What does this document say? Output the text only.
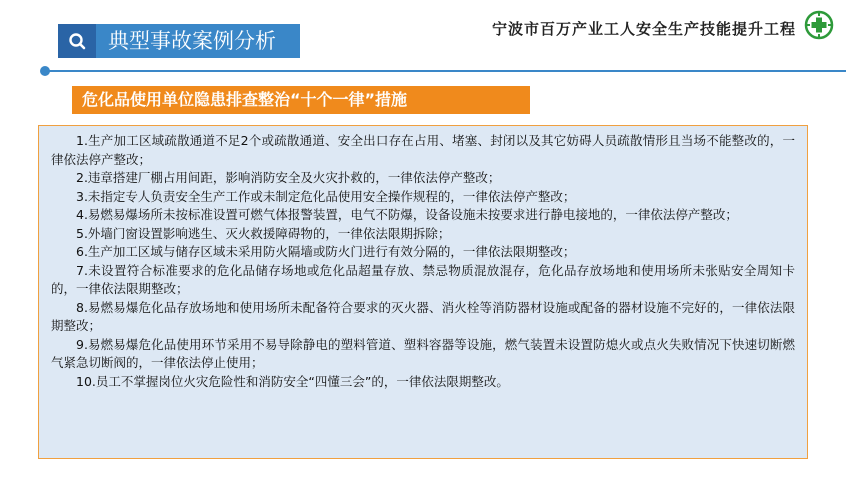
典型事故案例分析	宁波市百万产业工人安全生产技能提升工程
危化品使用单位隐患排查整治“十个一律”措施

1.生产加工区域疏散通道不足2个或疏散通道、安全出口存在占用、堵塞、封闭以及其它妨碍人员疏散情形且当场不能整改的，一律依法停产整改；

2.违章搭建厂棚占用间距，影响消防安全及火灾扑救的，一律依法停产整改；

3.未指定专人负责安全生产工作或未制定危化品使用安全操作规程的，一律依法停产整改；

4.易燃易爆场所未按标准设置可燃气体报警装置，电气不防爆，设备设施未按要求进行静电接地的，一律依法停产整改；

5.外墙门窗设置影响逃生、灭火救援障碍物的，一律依法限期拆除；

6.生产加工区域与储存区域未采用防火隔墙或防火门进行有效分隔的，一律依法限期整改；

7.未设置符合标准要求的危化品储存场地或危化品超量存放、禁忌物质混放混存，危化品存放场地和使用场所未张贴安全周知卡的，一律依法限期整改；

8.易燃易爆危化品存放场地和使用场所未配备符合要求的灭火器、消火栓等消防器材设施或配备的器材设施不完好的，一律依法限期整改；

9.易燃易爆危化品使用环节采用不易导除静电的塑料管道、塑料容器等设施，燃气装置未设置防熄火或点火失败情况下快速切断燃气紧急切断阀的，一律依法停止使用；

10.员工不掌握岗位火灾危险性和消防安全“四懂三会”的，一律依法限期整改。
